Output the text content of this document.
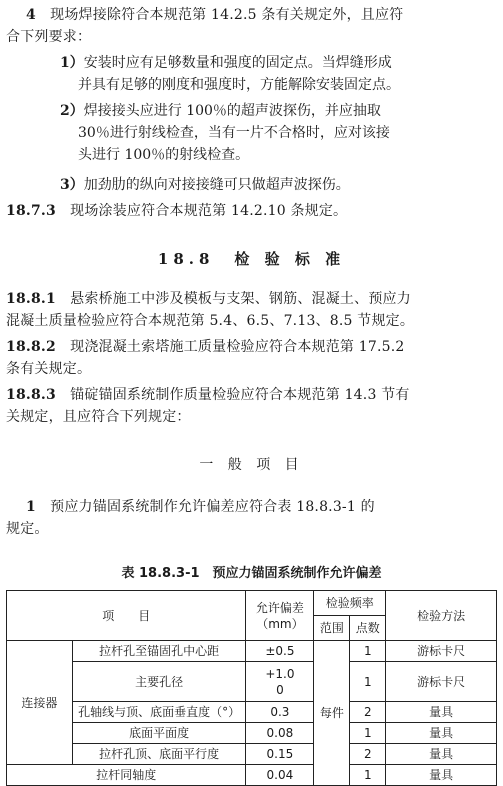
4　 现场焊接除符合本规范第 14.2.5 条有关规定外，且应符
合下列要求：
1）安装时应有足够数量和强度的固定点。当焊缝形成
并具有足够的刚度和强度时，方能解除安装固定点。
2）焊接接头应进行 100％的超声波探伤，并应抽取
30％进行射线检查，当有一片不合格时，应对该接
头进行 100％的射线检查。
3）加劲肋的纵向对接接缝可只做超声波探伤。
18.7.3　 现场涂装应符合本规范第 14.2.10 条规定。
18.8　检 验 标 准
18.8.1　 悬索桥施工中涉及模板与支架、钢筋、混凝土、预应力
混凝土质量检验应符合本规范第 5.4、6.5、7.13、8.5 节规定。
18.8.2　 现浇混凝土索塔施工质量检验应符合本规范第 17.5.2
条有关规定。
18.8.3　 锚碇锚固系统制作质量检验应符合本规范第 14.3 节有
关规定，且应符合下列规定：
一 般 项 目
1　 预应力锚固系统制作允许偏差应符合表 18.8.3-1 的
规定。
表 18.8.3-1　预应力锚固系统制作允许偏差
项　　目		允许偏差
（mm）	检验频率		检验方法
			范围	点数	
连接器	拉杆孔至锚固孔中心距	±0.5	每件	1	游标卡尺
	主要孔径	+1.0
0		1	游标卡尺
	孔轴线与顶、底面垂直度（°）	0.3		2	量具
	底面平面度	0.08		1	量具
	拉杆孔顶、底面平行度	0.15		2	量具
拉杆同轴度		0.04		1	量具
